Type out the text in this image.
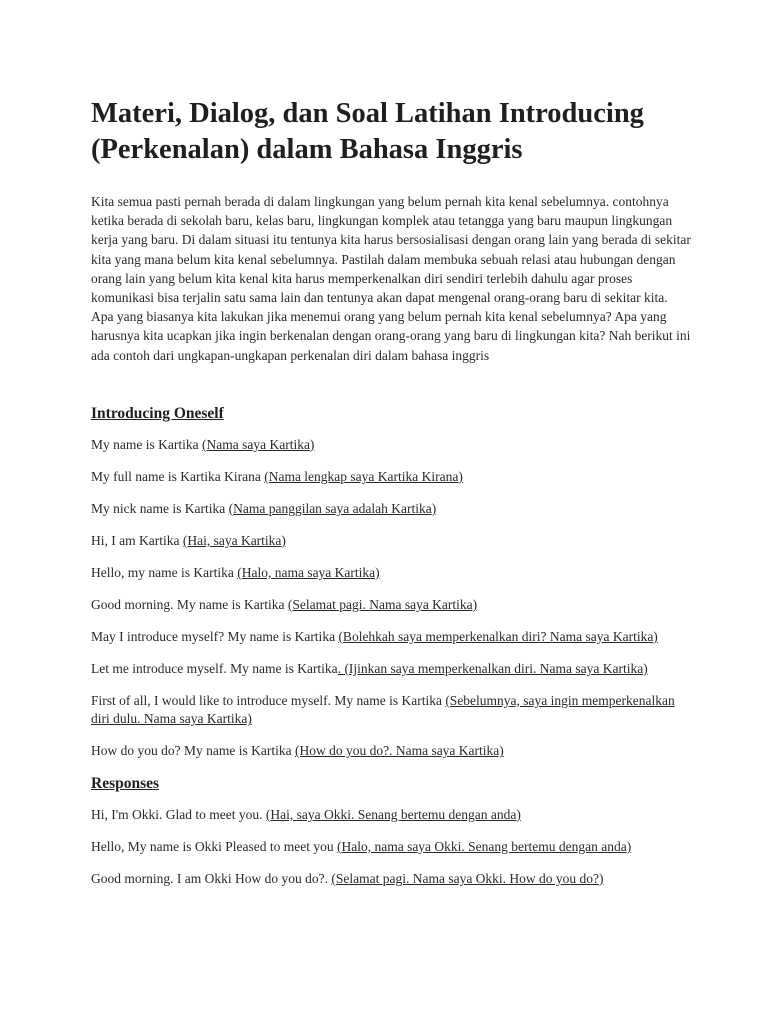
Materi, Dialog, dan Soal Latihan Introducing (Perkenalan) dalam Bahasa Inggris

Kita semua pasti pernah berada di dalam lingkungan yang belum pernah kita kenal sebelumnya. contohnya ketika berada di sekolah baru, kelas baru, lingkungan komplek atau tetangga yang baru maupun lingkungan kerja yang baru. Di dalam situasi itu tentunya kita harus bersosialisasi dengan orang lain yang berada di sekitar kita yang mana belum kita kenal sebelumnya. Pastilah dalam membuka sebuah relasi atau hubungan dengan orang lain yang belum kita kenal kita harus memperkenalkan diri sendiri terlebih dahulu agar proses komunikasi bisa terjalin satu sama lain dan tentunya akan dapat mengenal orang-orang baru di sekitar kita. Apa yang biasanya kita lakukan jika menemui orang yang belum pernah kita kenal sebelumnya? Apa yang harusnya kita ucapkan jika ingin berkenalan dengan orang-orang yang baru di lingkungan kita? Nah berikut ini ada contoh dari ungkapan-ungkapan perkenalan diri dalam bahasa inggris

Introducing Oneself

My name is Kartika (Nama saya Kartika)

My full name is Kartika Kirana (Nama lengkap saya Kartika Kirana)

My nick name is Kartika (Nama panggilan saya adalah Kartika)

Hi, I am Kartika (Hai, saya Kartika)

Hello, my name is Kartika (Halo, nama saya Kartika)

Good morning. My name is Kartika (Selamat pagi. Nama saya Kartika)

May I introduce myself? My name is Kartika (Bolehkah saya memperkenalkan diri? Nama saya Kartika)

Let me introduce myself. My name is Kartika. (Ijinkan saya memperkenalkan diri. Nama saya Kartika)

First of all, I would like to introduce myself. My name is Kartika (Sebelumnya, saya ingin memperkenalkan diri dulu. Nama saya Kartika)

How do you do? My name is Kartika (How do you do?. Nama saya Kartika)

Responses

Hi, I'm Okki. Glad to meet you. (Hai, saya Okki. Senang bertemu dengan anda)

Hello, My name is Okki Pleased to meet you (Halo, nama saya Okki. Senang bertemu dengan anda)

Good morning. I am Okki How do you do?. (Selamat pagi. Nama saya Okki. How do you do?)
